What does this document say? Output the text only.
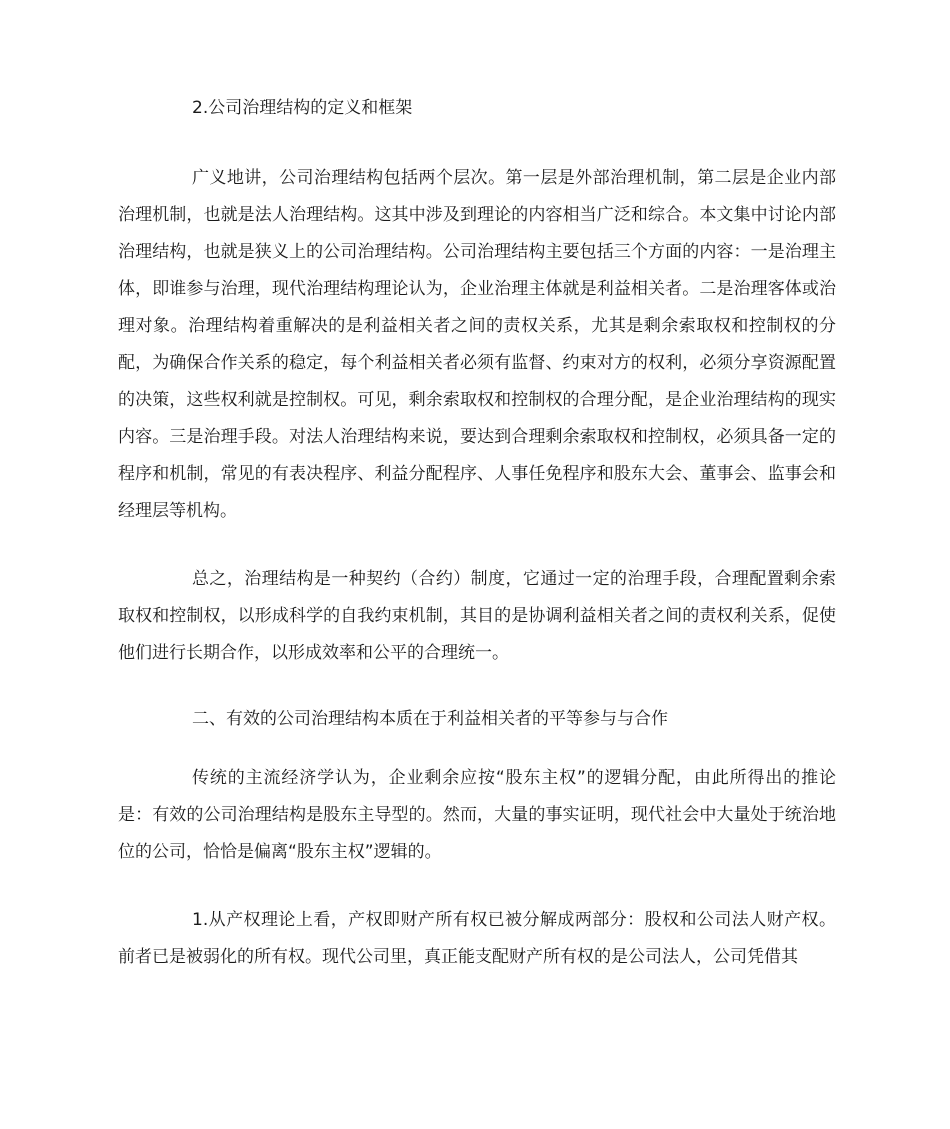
2.公司治理结构的定义和框架

广义地讲，公司治理结构包括两个层次。第一层是外部治理机制，第二层是企业内部治理机制，也就是法人治理结构。这其中涉及到理论的内容相当广泛和综合。本文集中讨论内部治理结构，也就是狭义上的公司治理结构。公司治理结构主要包括三个方面的内容：一是治理主体，即谁参与治理，现代治理结构理论认为，企业治理主体就是利益相关者。二是治理客体或治理对象。治理结构着重解决的是利益相关者之间的责权关系，尤其是剩余索取权和控制权的分配，为确保合作关系的稳定，每个利益相关者必须有监督、约束对方的权利，必须分享资源配置的决策，这些权利就是控制权。可见，剩余索取权和控制权的合理分配，是企业治理结构的现实内容。三是治理手段。对法人治理结构来说，要达到合理剩余索取权和控制权，必须具备一定的程序和机制，常见的有表决程序、利益分配程序、人事任免程序和股东大会、董事会、监事会和经理层等机构。

总之，治理结构是一种契约（合约）制度，它通过一定的治理手段，合理配置剩余索取权和控制权，以形成科学的自我约束机制，其目的是协调利益相关者之间的责权利关系，促使他们进行长期合作，以形成效率和公平的合理统一。

二、有效的公司治理结构本质在于利益相关者的平等参与与合作

传统的主流经济学认为，企业剩余应按“股东主权”的逻辑分配，由此所得出的推论是：有效的公司治理结构是股东主导型的。然而，大量的事实证明，现代社会中大量处于统治地位的公司，恰恰是偏离“股东主权”逻辑的。

1.从产权理论上看，产权即财产所有权已被分解成两部分：股权和公司法人财产权。前者已是被弱化的所有权。现代公司里，真正能支配财产所有权的是公司法人，公司凭借其
